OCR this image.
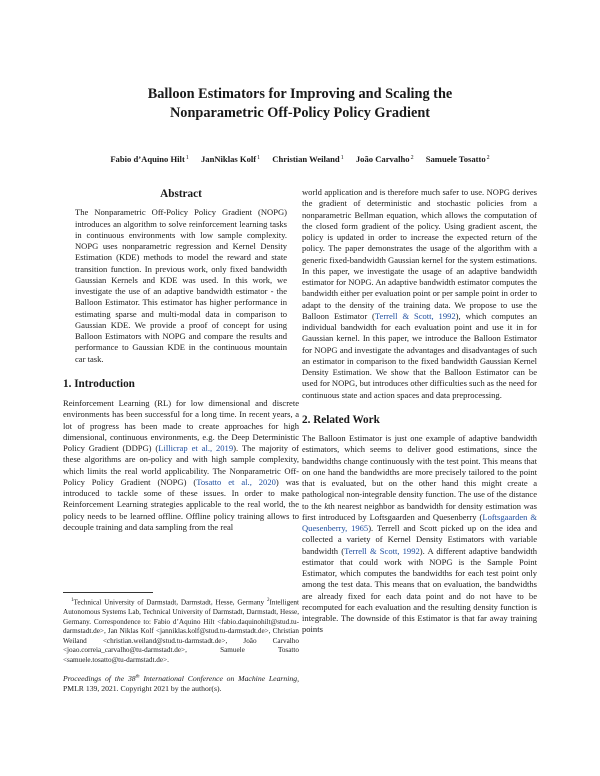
Balloon Estimators for Improving and Scaling the
Nonparametric Off-Policy Policy Gradient
Fabio d’Aquino Hilt$^1$ JanNiklas Kolf$^1$ Christian Weiland$^1$ João Carvalho$^2$ Samuele Tosatto$^2$
Abstract

The Nonparametric Off-Policy Policy Gradient (NOPG) introduces an algorithm to solve reinforcement learning tasks in continuous environments with low sample complexity. NOPG uses nonparametric regression and Kernel Density Estimation (KDE) methods to model the reward and state transition function. In previous work, only fixed bandwidth Gaussian Kernels and KDE was used. In this work, we investigate the use of an adaptive bandwidth estimator - the Balloon Estimator. This estimator has higher performance in estimating sparse and multi-modal data in comparison to Gaussian KDE. We provide a proof of concept for using Balloon Estimators with NOPG and compare the results and performance to Gaussian KDE in the continuous mountain car task.

1. Introduction

Reinforcement Learning (RL) for low dimensional and discrete environments has been successful for a long time. In recent years, a lot of progress has been made to create approaches for high dimensional, continuous environments, e.g. the Deep Deterministic Policy Gradient (DDPG) (Lillicrap et al., 2019). The majority of these algorithms are on-policy and with high sample complexity, which limits the real world applicability. The Nonparametric Off-Policy Policy Gradient (NOPG) (Tosatto et al., 2020) was introduced to tackle some of these issues. In order to make Reinforcement Learning strategies applicable to the real world, the policy needs to be learned offline. Offline policy training allows to decouple training and data sampling from the real

$^1$Technical University of Darmstadt, Darmstadt, Hesse, Germany $^2$Intelligent Autonomous Systems Lab, Technical University of Darmstadt, Darmstadt, Hesse, Germany. Correspondence to: Fabio d’Aquino Hilt <fabio.daquinohilt@stud.tu-darmstadt.de>, Jan Niklas Kolf <janniklas.kolf@stud.tu-darmstadt.de>, Christian Weiland <christian.weiland@stud.tu-darmstadt.de>, João Carvalho <joao.correia_carvalho@tu-darmstadt.de>, Samuele Tosatto <samuele.tosatto@tu-darmstadt.de>.

Proceedings of the 38th International Conference on Machine Learning, PMLR 139, 2021. Copyright 2021 by the author(s).

world application and is therefore much safer to use. NOPG derives the gradient of deterministic and stochastic policies from a nonparametric Bellman equation, which allows the computation of the closed form gradient of the policy. Using gradient ascent, the policy is updated in order to increase the expected return of the policy. The paper demonstrates the usage of the algorithm with a generic fixed-bandwidth Gaussian kernel for the system estimations. In this paper, we investigate the usage of an adaptive bandwidth estimator for NOPG. An adaptive bandwidth estimator computes the bandwidth either per evaluation point or per sample point in order to adapt to the density of the training data. We propose to use the Balloon Estimator (Terrell & Scott, 1992), which computes an individual bandwidth for each evaluation point and use it in for Gaussian kernel. In this paper, we introduce the Balloon Estimator for NOPG and investigate the advantages and disadvantages of such an estimator in comparison to the fixed bandwidth Gaussian Kernel Density Estimation. We show that the Balloon Estimator can be used for NOPG, but introduces other difficulties such as the need for continuous state and action spaces and data preprocessing.

2. Related Work

The Balloon Estimator is just one example of adaptive bandwidth estimators, which seems to deliver good estimations, since the bandwidths change continuously with the test point. This means that on one hand the bandwidths are more precisely tailored to the point that is evaluated, but on the other hand this might create a pathological non-integrable density function. The use of the distance to the kth nearest neighbor as bandwidth for density estimation was first introduced by Loftsgaarden and Quesenberry (Loftsgaarden & Quesenberry, 1965). Terrell and Scott picked up on the idea and collected a variety of Kernel Density Estimators with variable bandwidth (Terrell & Scott, 1992). A different adaptive bandwidth estimator that could work with NOPG is the Sample Point Estimator, which computes the bandwidths for each test point only among the test data. This means that on evaluation, the bandwidths are already fixed for each data point and do not have to be recomputed for each evaluation and the resulting density function is integrable. The downside of this Estimator is that far away training points
